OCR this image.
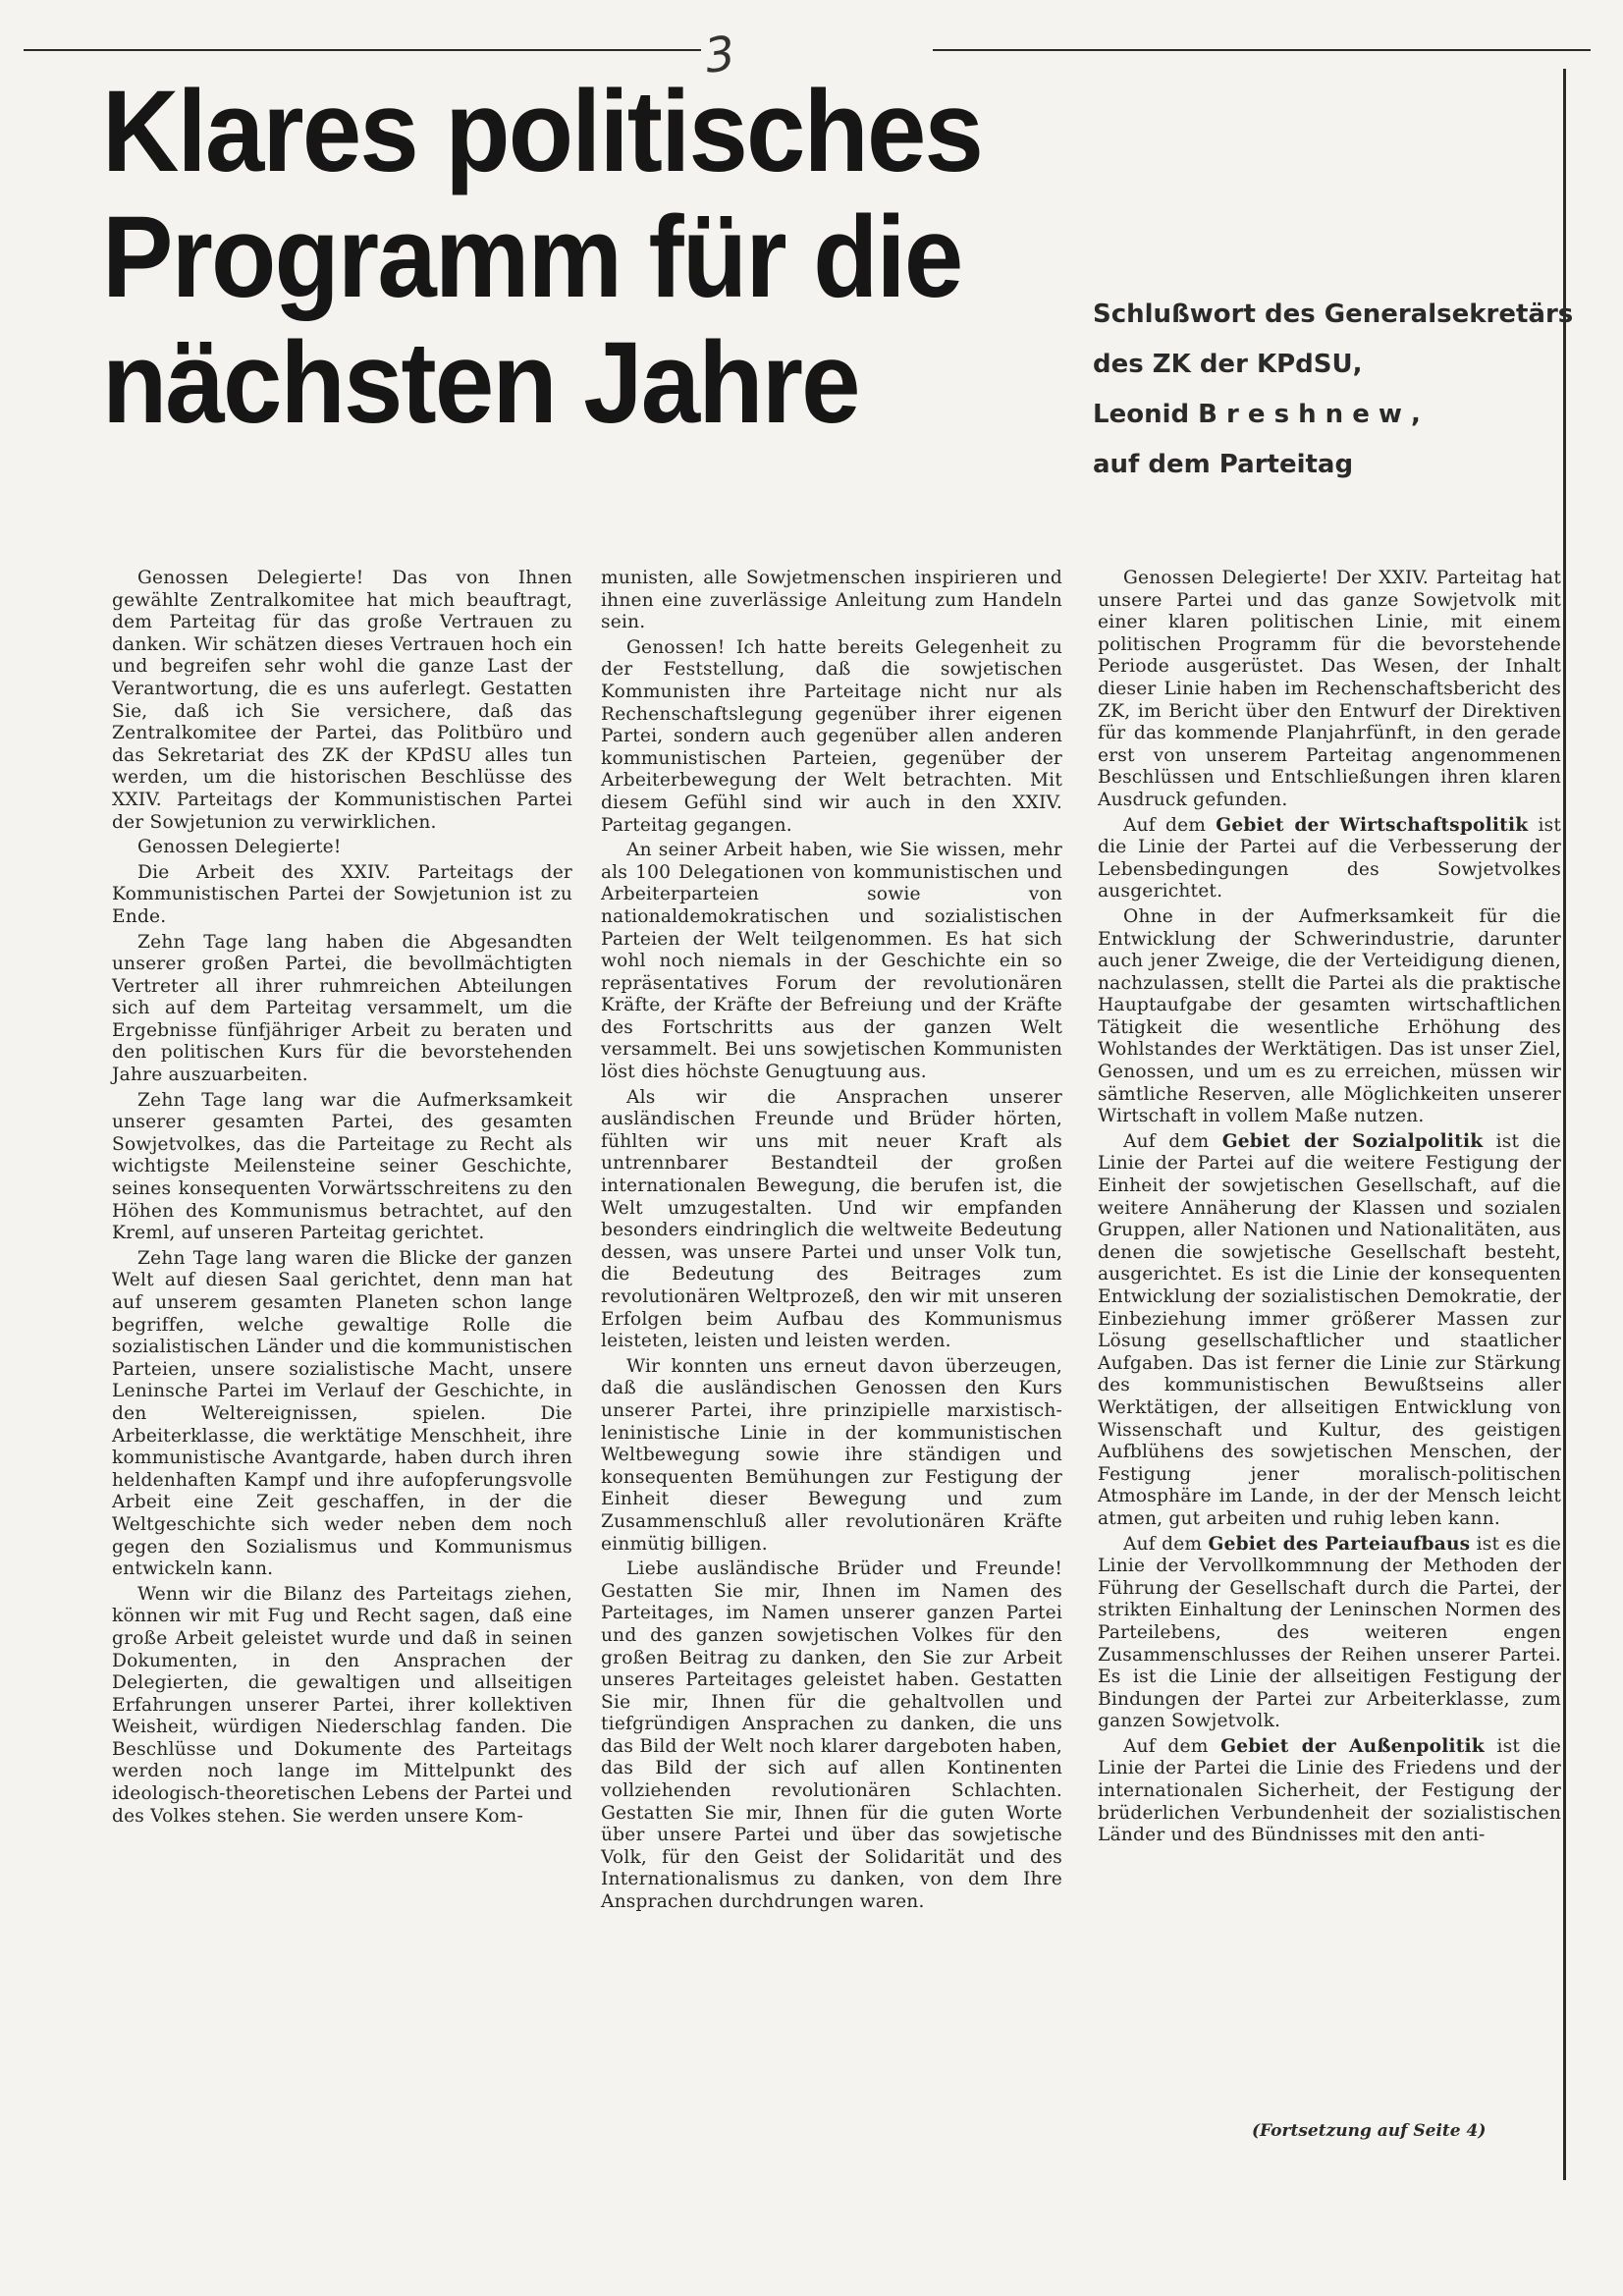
3
Klares politisches
Programm für die
nächsten Jahre
Schlußwort des Generalsekretärs
des ZK der KPdSU,
Leonid B r e s h n e w ,
auf dem Parteitag

Genossen Delegierte! Das von Ihnen gewählte Zentralkomitee hat mich beauftragt, dem Parteitag für das große Vertrauen zu danken. Wir schätzen dieses Vertrauen hoch ein und begreifen sehr wohl die ganze Last der Verantwortung, die es uns auferlegt. Gestatten Sie, daß ich Sie versichere, daß das Zentralkomitee der Partei, das Politbüro und das Sekretariat des ZK der KPdSU alles tun werden, um die historischen Beschlüsse des XXIV. Parteitags der Kommunistischen Partei der Sowjetunion zu verwirklichen.

Genossen Delegierte!

Die Arbeit des XXIV. Parteitags der Kommunistischen Partei der Sowjetunion ist zu Ende.

Zehn Tage lang haben die Abgesandten unserer großen Partei, die bevollmächtigten Vertreter all ihrer ruhmreichen Abteilungen sich auf dem Parteitag versammelt, um die Ergebnisse fünfjähriger Arbeit zu beraten und den politischen Kurs für die bevorstehenden Jahre auszuarbeiten.

Zehn Tage lang war die Aufmerksamkeit unserer gesamten Partei, des gesamten Sowjetvolkes, das die Parteitage zu Recht als wichtigste Meilensteine seiner Geschichte, seines konsequenten Vorwärtsschreitens zu den Höhen des Kommunismus betrachtet, auf den Kreml, auf unseren Parteitag gerichtet.

Zehn Tage lang waren die Blicke der ganzen Welt auf diesen Saal gerichtet, denn man hat auf unserem gesamten Planeten schon lange begriffen, welche gewaltige Rolle die sozialistischen Länder und die kommunistischen Parteien, unsere sozialistische Macht, unsere Leninsche Partei im Verlauf der Geschichte, in den Weltereignissen, spielen. Die Arbeiterklasse, die werktätige Menschheit, ihre kommunistische Avantgarde, haben durch ihren heldenhaften Kampf und ihre aufopferungsvolle Arbeit eine Zeit geschaffen, in der die Weltgeschichte sich weder neben dem noch gegen den Sozialismus und Kommunismus entwickeln kann.

Wenn wir die Bilanz des Parteitags ziehen, können wir mit Fug und Recht sagen, daß eine große Arbeit geleistet wurde und daß in seinen Dokumenten, in den Ansprachen der Delegierten, die gewaltigen und allseitigen Erfahrungen unserer Partei, ihrer kollektiven Weisheit, würdigen Niederschlag fanden. Die Beschlüsse und Dokumente des Parteitags werden noch lange im Mittelpunkt des ideologisch-theoretischen Lebens der Partei und des Volkes stehen. Sie werden unsere Kom-

munisten, alle Sowjetmenschen inspirieren und ihnen eine zuverlässige Anleitung zum Handeln sein.

Genossen! Ich hatte bereits Gelegenheit zu der Feststellung, daß die sowjetischen Kommunisten ihre Parteitage nicht nur als Rechenschaftslegung gegenüber ihrer eigenen Partei, sondern auch gegenüber allen anderen kommunistischen Parteien, gegenüber der Arbeiterbewegung der Welt betrachten. Mit diesem Gefühl sind wir auch in den XXIV. Parteitag gegangen.

An seiner Arbeit haben, wie Sie wissen, mehr als 100 Delegationen von kommunistischen und Arbeiterparteien sowie von nationaldemokratischen und sozialistischen Parteien der Welt teilgenommen. Es hat sich wohl noch niemals in der Geschichte ein so repräsentatives Forum der revolutionären Kräfte, der Kräfte der Befreiung und der Kräfte des Fortschritts aus der ganzen Welt versammelt. Bei uns sowjetischen Kommunisten löst dies höchste Genugtuung aus.

Als wir die Ansprachen unserer ausländischen Freunde und Brüder hörten, fühlten wir uns mit neuer Kraft als untrennbarer Bestandteil der großen internationalen Bewegung, die berufen ist, die Welt umzugestalten. Und wir empfanden besonders eindringlich die weltweite Bedeutung dessen, was unsere Partei und unser Volk tun, die Bedeutung des Beitrages zum revolutionären Weltprozeß, den wir mit unseren Erfolgen beim Aufbau des Kommunismus leisteten, leisten und leisten werden.

Wir konnten uns erneut davon überzeugen, daß die ausländischen Genossen den Kurs unserer Partei, ihre prinzipielle marxistisch-leninistische Linie in der kommunistischen Weltbewegung sowie ihre ständigen und konsequenten Bemühungen zur Festigung der Einheit dieser Bewegung und zum Zusammenschluß aller revolutionären Kräfte einmütig billigen.

Liebe ausländische Brüder und Freunde! Gestatten Sie mir, Ihnen im Namen des Parteitages, im Namen unserer ganzen Partei und des ganzen sowjetischen Volkes für den großen Beitrag zu danken, den Sie zur Arbeit unseres Parteitages geleistet haben. Gestatten Sie mir, Ihnen für die gehaltvollen und tiefgründigen Ansprachen zu danken, die uns das Bild der Welt noch klarer dargeboten haben, das Bild der sich auf allen Kontinenten vollziehenden revolutionären Schlachten. Gestatten Sie mir, Ihnen für die guten Worte über unsere Partei und über das sowjetische Volk, für den Geist der Solidarität und des Internationalismus zu danken, von dem Ihre Ansprachen durchdrungen waren.

Genossen Delegierte! Der XXIV. Parteitag hat unsere Partei und das ganze Sowjetvolk mit einer klaren politischen Linie, mit einem politischen Programm für die bevorstehende Periode ausgerüstet. Das Wesen, der Inhalt dieser Linie haben im Rechenschaftsbericht des ZK, im Bericht über den Entwurf der Direktiven für das kommende Planjahrfünft, in den gerade erst von unserem Parteitag angenommenen Beschlüssen und Entschließungen ihren klaren Ausdruck gefunden.

Auf dem Gebiet der Wirtschaftspolitik ist die Linie der Partei auf die Verbesserung der Lebensbedingungen des Sowjetvolkes ausgerichtet.

Ohne in der Aufmerksamkeit für die Entwicklung der Schwerindustrie, darunter auch jener Zweige, die der Verteidigung dienen, nachzulassen, stellt die Partei als die praktische Hauptaufgabe der gesamten wirtschaftlichen Tätigkeit die wesentliche Erhöhung des Wohlstandes der Werktätigen. Das ist unser Ziel, Genossen, und um es zu erreichen, müssen wir sämtliche Reserven, alle Möglichkeiten unserer Wirtschaft in vollem Maße nutzen.

Auf dem Gebiet der Sozialpolitik ist die Linie der Partei auf die weitere Festigung der Einheit der sowjetischen Gesellschaft, auf die weitere Annäherung der Klassen und sozialen Gruppen, aller Nationen und Nationalitäten, aus denen die sowjetische Gesellschaft besteht, ausgerichtet. Es ist die Linie der konsequenten Entwicklung der sozialistischen Demokratie, der Einbeziehung immer größerer Massen zur Lösung gesellschaftlicher und staatlicher Aufgaben. Das ist ferner die Linie zur Stärkung des kommunistischen Bewußtseins aller Werktätigen, der allseitigen Entwicklung von Wissenschaft und Kultur, des geistigen Aufblühens des sowjetischen Menschen, der Festigung jener moralisch-politischen Atmosphäre im Lande, in der der Mensch leicht atmen, gut arbeiten und ruhig leben kann.

Auf dem Gebiet des Parteiaufbaus ist es die Linie der Vervollkommnung der Methoden der Führung der Gesellschaft durch die Partei, der strikten Einhaltung der Leninschen Normen des Parteilebens, des weiteren engen Zusammenschlusses der Reihen unserer Partei. Es ist die Linie der allseitigen Festigung der Bindungen der Partei zur Arbeiterklasse, zum ganzen Sowjetvolk.

Auf dem Gebiet der Außenpolitik ist die Linie der Partei die Linie des Friedens und der internationalen Sicherheit, der Festigung der brüderlichen Verbundenheit der sozialistischen Länder und des Bündnisses mit den anti-

(Fortsetzung auf Seite 4)
